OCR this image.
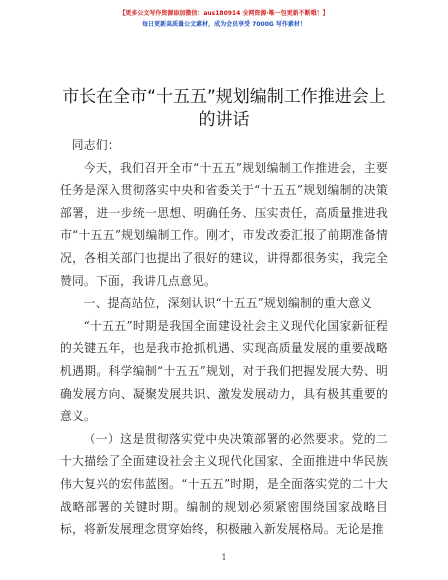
【更多公文写作资源添加微信：aus180914 全网资源·唯一包更新不断哦！】
每日更新高质量公文素材，成为会员享受 7000G 写作素材！
市长在全市“十五五”规划编制工作推进会上
的讲话

同志们：

今天，我们召开全市“十五五”规划编制工作推进会，主要任务是深入贯彻落实中央和省委关于“十五五”规划编制的决策部署，进一步统一思想、明确任务、压实责任，高质量推进我市“十五五”规划编制工作。刚才，市发改委汇报了前期准备情况，各相关部门也提出了很好的建议，讲得都很务实，我完全赞同。下面，我讲几点意见。

一、提高站位，深刻认识“十五五”规划编制的重大意义

“十五五”时期是我国全面建设社会主义现代化国家新征程的关键五年，也是我市抢抓机遇、实现高质量发展的重要战略机遇期。科学编制“十五五”规划，对于我们把握发展大势、明确发展方向、凝聚发展共识、激发发展动力，具有极其重要的意义。

（一）这是贯彻落实党中央决策部署的必然要求。党的二十大描绘了全面建设社会主义现代化国家、全面推进中华民族伟大复兴的宏伟蓝图。“十五五”时期，是全面落实党的二十大战略部署的关键时期。编制的规划必须紧密围绕国家战略目标，将新发展理念贯穿始终，积极融入新发展格局。无论是推

1
